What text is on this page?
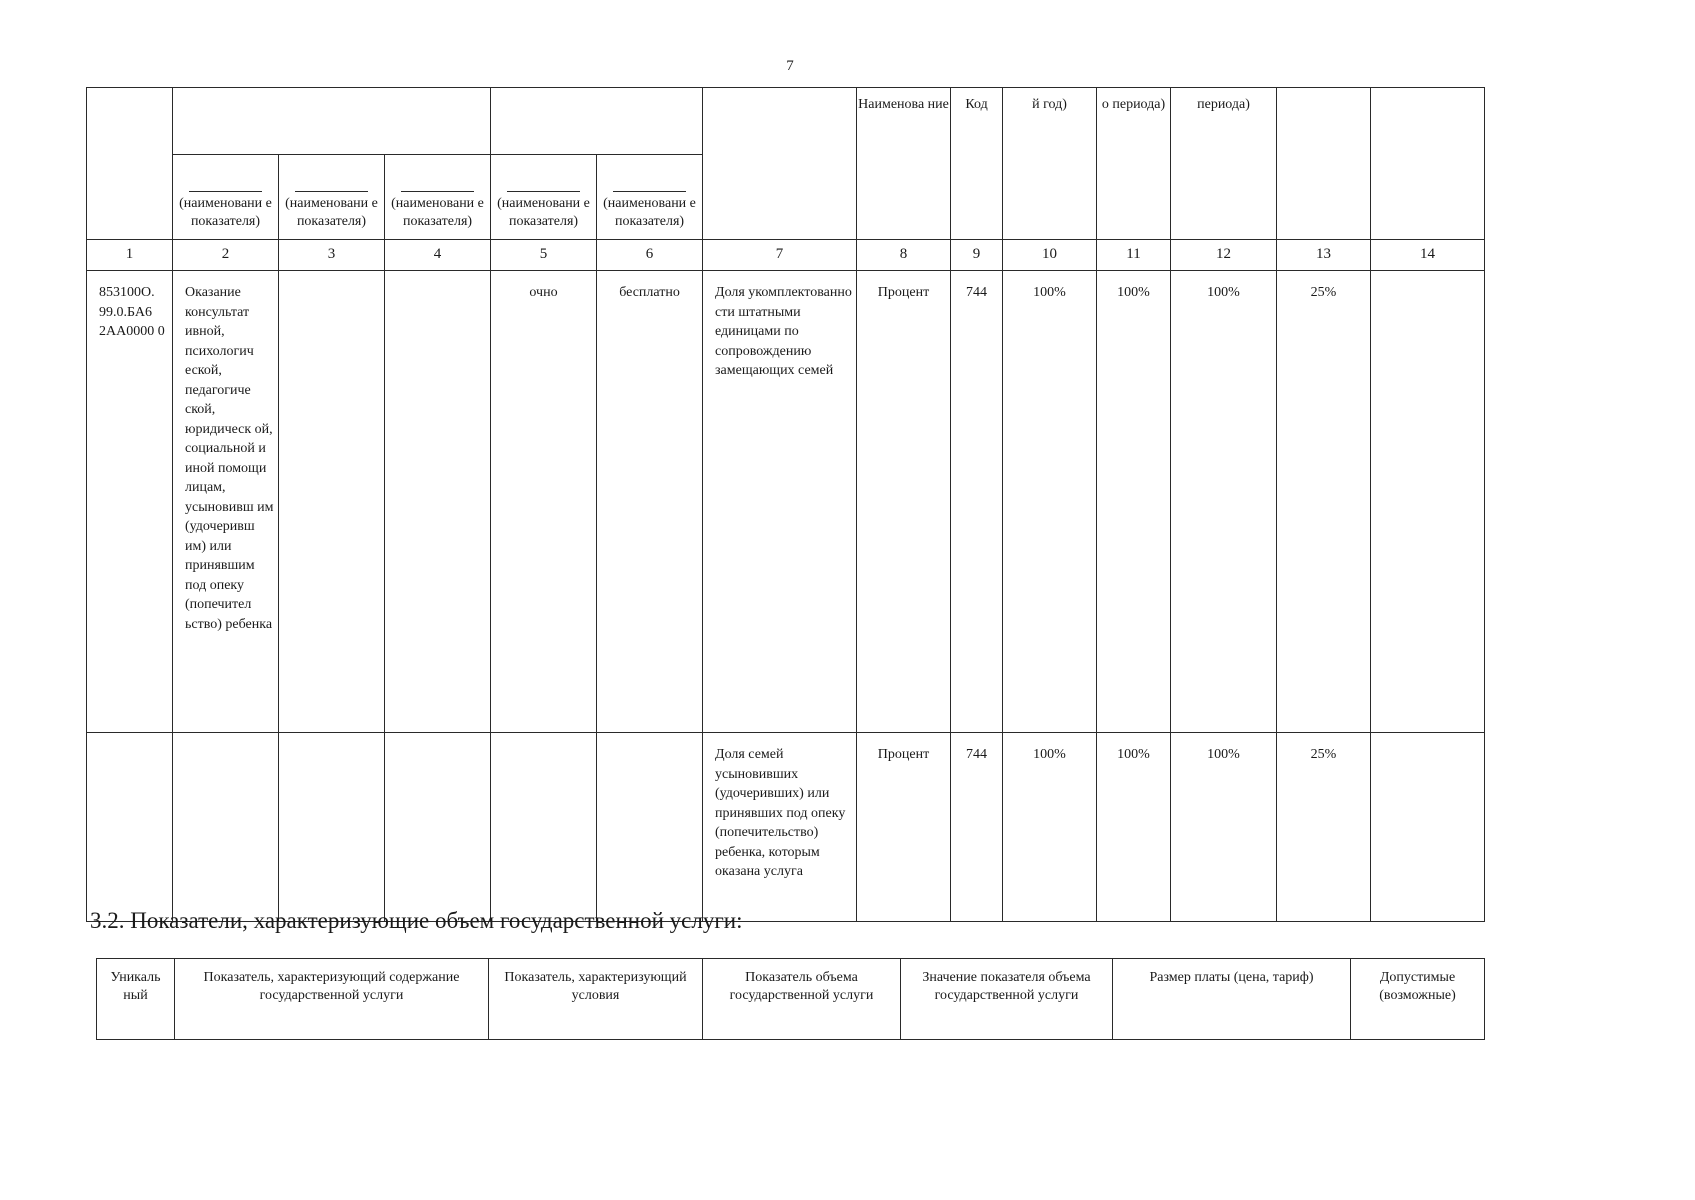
7
							Наименова ние	Код	й год)	о периода)	периода)		

(наименовани е показателя)	(наименовани е показателя)	(наименовани е показателя)	(наименовани е показателя)	(наименовани е показателя)								
1	2	3	4	5	6	7	8	9	10	11	12	13	14
853100О. 99.0.БА6 2АА0000 0	Оказание консультат ивной, психологич еской, педагогиче ской, юридическ ой, социальной и иной помощи лицам, усыновивш им (удочеривш им) или принявшим под опеку (попечител ьство) ребенка			очно	бесплатно	Доля укомплектованно сти штатными единицами по сопровождению замещающих семей	Процент	744	100%	100%	100%	25%	
						Доля семей усыновивших (удочеривших) или принявших под опеку (попечительство) ребенка, которым оказана услуга	Процент	744	100%	100%	100%	25%	
3.2. Показатели, характеризующие объем государственной услуги:
Уникаль ный	Показатель, характеризующий содержание государственной услуги	Показатель, характеризующий условия	Показатель объема государственной услуги	Значение показателя объема государственной услуги	Размер платы (цена, тариф)	Допустимые (возможные)
